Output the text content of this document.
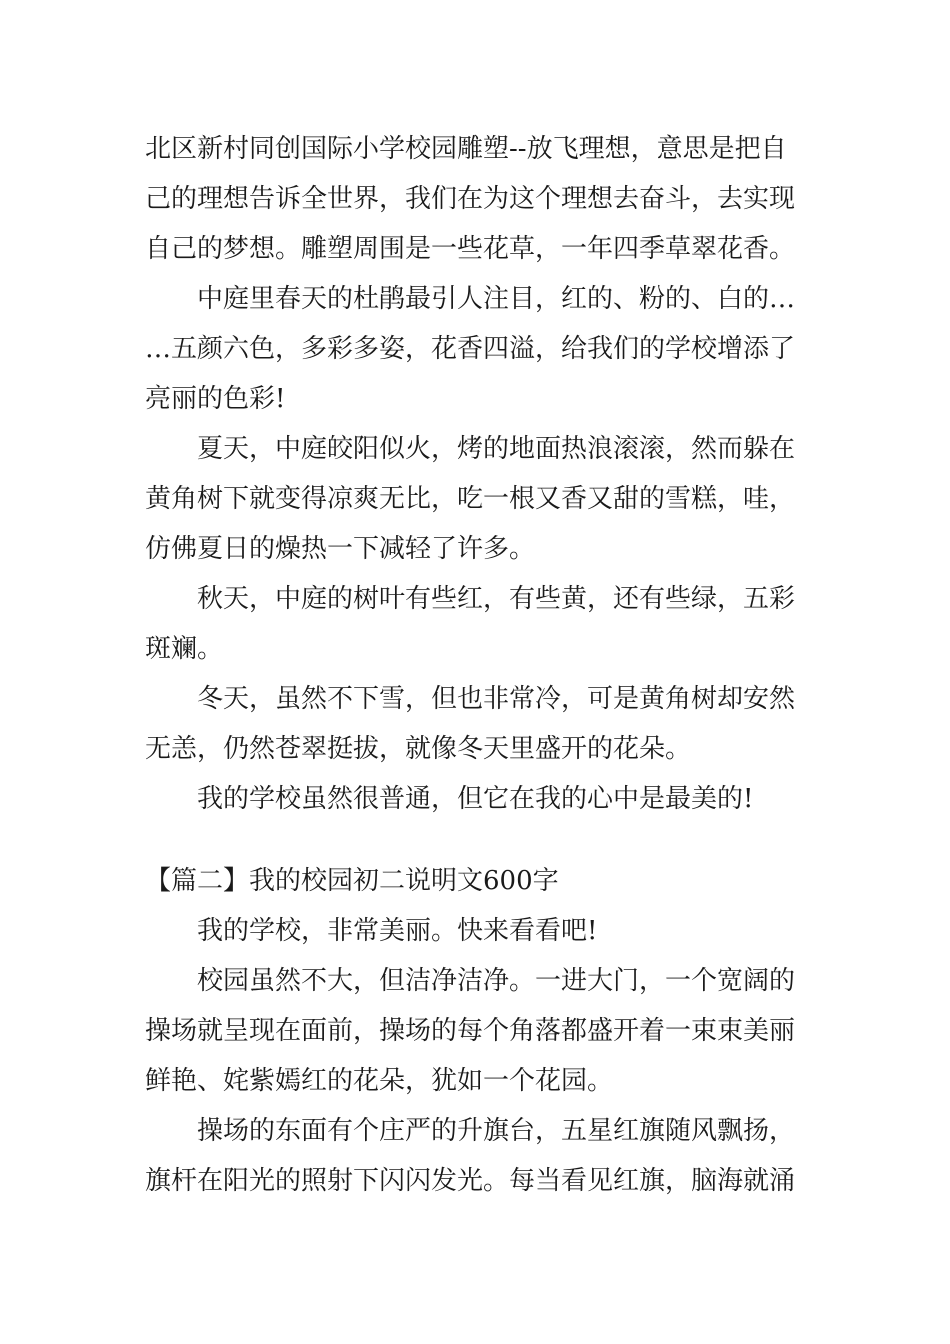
北区新村同创国际小学校园雕塑--放飞理想，意思是把自
己的理想告诉全世界，我们在为这个理想去奋斗，去实现
自己的梦想。雕塑周围是一些花草，一年四季草翠花香。
中庭里春天的杜鹃最引人注目，红的、粉的、白的…
…五颜六色，多彩多姿，花香四溢，给我们的学校增添了
亮丽的色彩!
夏天，中庭皎阳似火，烤的地面热浪滚滚，然而躲在
黄角树下就变得凉爽无比，吃一根又香又甜的雪糕，哇，
仿佛夏日的燥热一下减轻了许多。
秋天，中庭的树叶有些红，有些黄，还有些绿，五彩
斑斓。
冬天，虽然不下雪，但也非常冷，可是黄角树却安然
无恙，仍然苍翠挺拔，就像冬天里盛开的花朵。
我的学校虽然很普通，但它在我的心中是最美的!
【篇二】我的校园初二说明文600字
我的学校，非常美丽。快来看看吧!
校园虽然不大，但洁净洁净。一进大门，一个宽阔的
操场就呈现在面前，操场的每个角落都盛开着一束束美丽
鲜艳、姹紫嫣红的花朵，犹如一个花园。
操场的东面有个庄严的升旗台，五星红旗随风飘扬，
旗杆在阳光的照射下闪闪发光。每当看见红旗，脑海就涌
